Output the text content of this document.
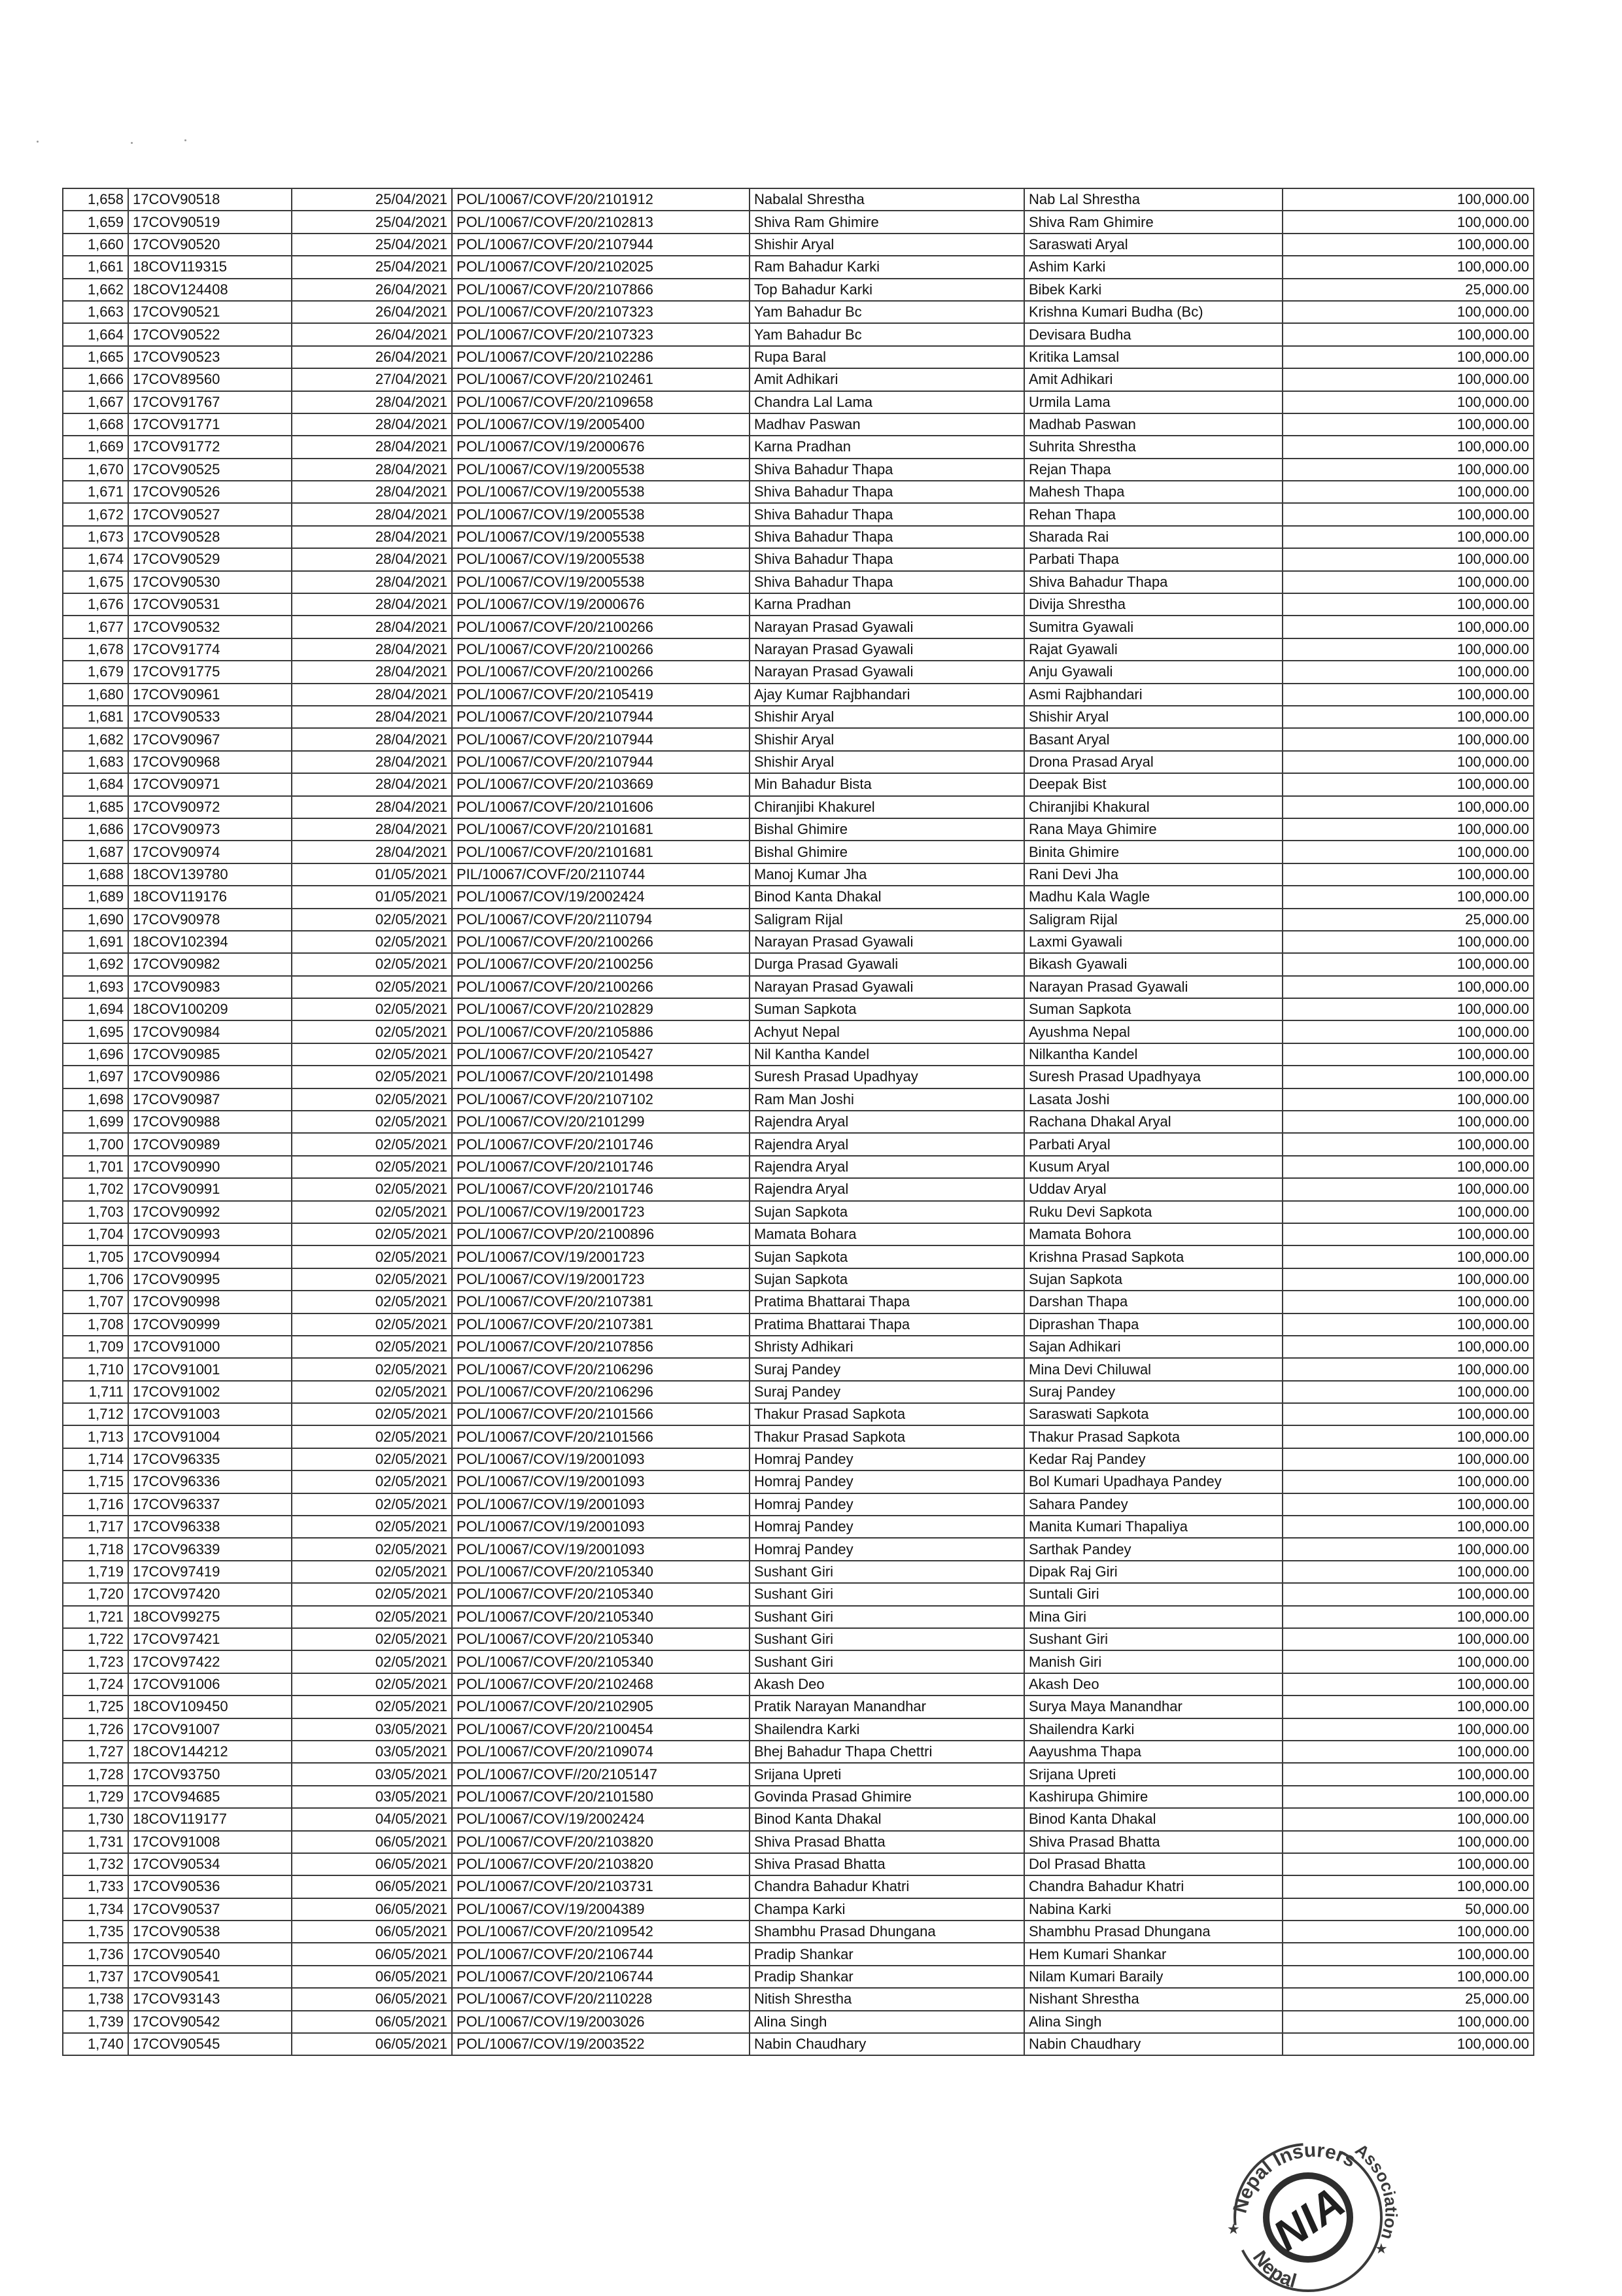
1,658	17COV90518	25/04/2021	POL/10067/COVF/20/2101912	Nabalal Shrestha	Nab Lal Shrestha	100,000.00
1,659	17COV90519	25/04/2021	POL/10067/COVF/20/2102813	Shiva Ram Ghimire	Shiva Ram Ghimire	100,000.00
1,660	17COV90520	25/04/2021	POL/10067/COVF/20/2107944	Shishir Aryal	Saraswati Aryal	100,000.00
1,661	18COV119315	25/04/2021	POL/10067/COVF/20/2102025	Ram Bahadur Karki	Ashim Karki	100,000.00
1,662	18COV124408	26/04/2021	POL/10067/COVF/20/2107866	Top Bahadur Karki	Bibek Karki	25,000.00
1,663	17COV90521	26/04/2021	POL/10067/COVF/20/2107323	Yam Bahadur Bc	Krishna Kumari Budha (Bc)	100,000.00
1,664	17COV90522	26/04/2021	POL/10067/COVF/20/2107323	Yam Bahadur Bc	Devisara Budha	100,000.00
1,665	17COV90523	26/04/2021	POL/10067/COVF/20/2102286	Rupa Baral	Kritika Lamsal	100,000.00
1,666	17COV89560	27/04/2021	POL/10067/COVF/20/2102461	Amit Adhikari	Amit Adhikari	100,000.00
1,667	17COV91767	28/04/2021	POL/10067/COVF/20/2109658	Chandra Lal Lama	Urmila Lama	100,000.00
1,668	17COV91771	28/04/2021	POL/10067/COV/19/2005400	Madhav Paswan	Madhab Paswan	100,000.00
1,669	17COV91772	28/04/2021	POL/10067/COV/19/2000676	Karna Pradhan	Suhrita Shrestha	100,000.00
1,670	17COV90525	28/04/2021	POL/10067/COV/19/2005538	Shiva Bahadur Thapa	Rejan Thapa	100,000.00
1,671	17COV90526	28/04/2021	POL/10067/COV/19/2005538	Shiva Bahadur Thapa	Mahesh Thapa	100,000.00
1,672	17COV90527	28/04/2021	POL/10067/COV/19/2005538	Shiva Bahadur Thapa	Rehan Thapa	100,000.00
1,673	17COV90528	28/04/2021	POL/10067/COV/19/2005538	Shiva Bahadur Thapa	Sharada Rai	100,000.00
1,674	17COV90529	28/04/2021	POL/10067/COV/19/2005538	Shiva Bahadur Thapa	Parbati Thapa	100,000.00
1,675	17COV90530	28/04/2021	POL/10067/COV/19/2005538	Shiva Bahadur Thapa	Shiva Bahadur Thapa	100,000.00
1,676	17COV90531	28/04/2021	POL/10067/COV/19/2000676	Karna Pradhan	Divija Shrestha	100,000.00
1,677	17COV90532	28/04/2021	POL/10067/COVF/20/2100266	Narayan Prasad Gyawali	Sumitra Gyawali	100,000.00
1,678	17COV91774	28/04/2021	POL/10067/COVF/20/2100266	Narayan Prasad Gyawali	Rajat Gyawali	100,000.00
1,679	17COV91775	28/04/2021	POL/10067/COVF/20/2100266	Narayan Prasad Gyawali	Anju Gyawali	100,000.00
1,680	17COV90961	28/04/2021	POL/10067/COVF/20/2105419	Ajay Kumar Rajbhandari	Asmi Rajbhandari	100,000.00
1,681	17COV90533	28/04/2021	POL/10067/COVF/20/2107944	Shishir Aryal	Shishir Aryal	100,000.00
1,682	17COV90967	28/04/2021	POL/10067/COVF/20/2107944	Shishir Aryal	Basant Aryal	100,000.00
1,683	17COV90968	28/04/2021	POL/10067/COVF/20/2107944	Shishir Aryal	Drona Prasad Aryal	100,000.00
1,684	17COV90971	28/04/2021	POL/10067/COVF/20/2103669	Min Bahadur Bista	Deepak Bist	100,000.00
1,685	17COV90972	28/04/2021	POL/10067/COVF/20/2101606	Chiranjibi Khakurel	Chiranjibi Khakural	100,000.00
1,686	17COV90973	28/04/2021	POL/10067/COVF/20/2101681	Bishal Ghimire	Rana Maya Ghimire	100,000.00
1,687	17COV90974	28/04/2021	POL/10067/COVF/20/2101681	Bishal Ghimire	Binita Ghimire	100,000.00
1,688	18COV139780	01/05/2021	PIL/10067/COVF/20/2110744	Manoj Kumar Jha	Rani Devi Jha	100,000.00
1,689	18COV119176	01/05/2021	POL/10067/COV/19/2002424	Binod Kanta Dhakal	Madhu Kala Wagle	100,000.00
1,690	17COV90978	02/05/2021	POL/10067/COVF/20/2110794	Saligram Rijal	Saligram Rijal	25,000.00
1,691	18COV102394	02/05/2021	POL/10067/COVF/20/2100266	Narayan Prasad Gyawali	Laxmi Gyawali	100,000.00
1,692	17COV90982	02/05/2021	POL/10067/COVF/20/2100256	Durga Prasad Gyawali	Bikash Gyawali	100,000.00
1,693	17COV90983	02/05/2021	POL/10067/COVF/20/2100266	Narayan Prasad Gyawali	Narayan Prasad Gyawali	100,000.00
1,694	18COV100209	02/05/2021	POL/10067/COVF/20/2102829	Suman Sapkota	Suman Sapkota	100,000.00
1,695	17COV90984	02/05/2021	POL/10067/COVF/20/2105886	Achyut Nepal	Ayushma Nepal	100,000.00
1,696	17COV90985	02/05/2021	POL/10067/COVF/20/2105427	Nil Kantha Kandel	Nilkantha Kandel	100,000.00
1,697	17COV90986	02/05/2021	POL/10067/COVF/20/2101498	Suresh Prasad Upadhyay	Suresh Prasad Upadhyaya	100,000.00
1,698	17COV90987	02/05/2021	POL/10067/COVF/20/2107102	Ram Man Joshi	Lasata Joshi	100,000.00
1,699	17COV90988	02/05/2021	POL/10067/COV/20/2101299	Rajendra Aryal	Rachana Dhakal Aryal	100,000.00
1,700	17COV90989	02/05/2021	POL/10067/COVF/20/2101746	Rajendra Aryal	Parbati Aryal	100,000.00
1,701	17COV90990	02/05/2021	POL/10067/COVF/20/2101746	Rajendra Aryal	Kusum Aryal	100,000.00
1,702	17COV90991	02/05/2021	POL/10067/COVF/20/2101746	Rajendra Aryal	Uddav Aryal	100,000.00
1,703	17COV90992	02/05/2021	POL/10067/COV/19/2001723	Sujan Sapkota	Ruku Devi Sapkota	100,000.00
1,704	17COV90993	02/05/2021	POL/10067/COVP/20/2100896	Mamata Bohara	Mamata Bohora	100,000.00
1,705	17COV90994	02/05/2021	POL/10067/COV/19/2001723	Sujan Sapkota	Krishna Prasad Sapkota	100,000.00
1,706	17COV90995	02/05/2021	POL/10067/COV/19/2001723	Sujan Sapkota	Sujan Sapkota	100,000.00
1,707	17COV90998	02/05/2021	POL/10067/COVF/20/2107381	Pratima Bhattarai Thapa	Darshan Thapa	100,000.00
1,708	17COV90999	02/05/2021	POL/10067/COVF/20/2107381	Pratima Bhattarai Thapa	Diprashan Thapa	100,000.00
1,709	17COV91000	02/05/2021	POL/10067/COVF/20/2107856	Shristy Adhikari	Sajan Adhikari	100,000.00
1,710	17COV91001	02/05/2021	POL/10067/COVF/20/2106296	Suraj Pandey	Mina Devi Chiluwal	100,000.00
1,711	17COV91002	02/05/2021	POL/10067/COVF/20/2106296	Suraj Pandey	Suraj Pandey	100,000.00
1,712	17COV91003	02/05/2021	POL/10067/COVF/20/2101566	Thakur Prasad Sapkota	Saraswati Sapkota	100,000.00
1,713	17COV91004	02/05/2021	POL/10067/COVF/20/2101566	Thakur Prasad Sapkota	Thakur Prasad Sapkota	100,000.00
1,714	17COV96335	02/05/2021	POL/10067/COV/19/2001093	Homraj Pandey	Kedar Raj Pandey	100,000.00
1,715	17COV96336	02/05/2021	POL/10067/COV/19/2001093	Homraj Pandey	Bol Kumari Upadhaya Pandey	100,000.00
1,716	17COV96337	02/05/2021	POL/10067/COV/19/2001093	Homraj Pandey	Sahara Pandey	100,000.00
1,717	17COV96338	02/05/2021	POL/10067/COV/19/2001093	Homraj Pandey	Manita Kumari Thapaliya	100,000.00
1,718	17COV96339	02/05/2021	POL/10067/COV/19/2001093	Homraj Pandey	Sarthak Pandey	100,000.00
1,719	17COV97419	02/05/2021	POL/10067/COVF/20/2105340	Sushant Giri	Dipak Raj Giri	100,000.00
1,720	17COV97420	02/05/2021	POL/10067/COVF/20/2105340	Sushant Giri	Suntali Giri	100,000.00
1,721	18COV99275	02/05/2021	POL/10067/COVF/20/2105340	Sushant Giri	Mina Giri	100,000.00
1,722	17COV97421	02/05/2021	POL/10067/COVF/20/2105340	Sushant Giri	Sushant Giri	100,000.00
1,723	17COV97422	02/05/2021	POL/10067/COVF/20/2105340	Sushant Giri	Manish Giri	100,000.00
1,724	17COV91006	02/05/2021	POL/10067/COVF/20/2102468	Akash Deo	Akash Deo	100,000.00
1,725	18COV109450	02/05/2021	POL/10067/COVF/20/2102905	Pratik Narayan Manandhar	Surya Maya Manandhar	100,000.00
1,726	17COV91007	03/05/2021	POL/10067/COVF/20/2100454	Shailendra Karki	Shailendra Karki	100,000.00
1,727	18COV144212	03/05/2021	POL/10067/COVF/20/2109074	Bhej Bahadur Thapa Chettri	Aayushma Thapa	100,000.00
1,728	17COV93750	03/05/2021	POL/10067/COVF//20/2105147	Srijana Upreti	Srijana Upreti	100,000.00
1,729	17COV94685	03/05/2021	POL/10067/COVF/20/2101580	Govinda Prasad Ghimire	Kashirupa Ghimire	100,000.00
1,730	18COV119177	04/05/2021	POL/10067/COV/19/2002424	Binod Kanta Dhakal	Binod Kanta Dhakal	100,000.00
1,731	17COV91008	06/05/2021	POL/10067/COVF/20/2103820	Shiva Prasad Bhatta	Shiva Prasad Bhatta	100,000.00
1,732	17COV90534	06/05/2021	POL/10067/COVF/20/2103820	Shiva Prasad Bhatta	Dol Prasad Bhatta	100,000.00
1,733	17COV90536	06/05/2021	POL/10067/COVF/20/2103731	Chandra Bahadur Khatri	Chandra Bahadur Khatri	100,000.00
1,734	17COV90537	06/05/2021	POL/10067/COV/19/2004389	Champa Karki	Nabina Karki	50,000.00
1,735	17COV90538	06/05/2021	POL/10067/COVF/20/2109542	Shambhu Prasad Dhungana	Shambhu Prasad Dhungana	100,000.00
1,736	17COV90540	06/05/2021	POL/10067/COVF/20/2106744	Pradip Shankar	Hem Kumari Shankar	100,000.00
1,737	17COV90541	06/05/2021	POL/10067/COVF/20/2106744	Pradip Shankar	Nilam Kumari Baraily	100,000.00
1,738	17COV93143	06/05/2021	POL/10067/COVF/20/2110228	Nitish Shrestha	Nishant Shrestha	25,000.00
1,739	17COV90542	06/05/2021	POL/10067/COV/19/2003026	Alina Singh	Alina Singh	100,000.00
1,740	17COV90545	06/05/2021	POL/10067/COV/19/2003522	Nabin Chaudhary	Nabin Chaudhary	100,000.00
Nepal Insurers
Association
Nepal
★
★
NIA
